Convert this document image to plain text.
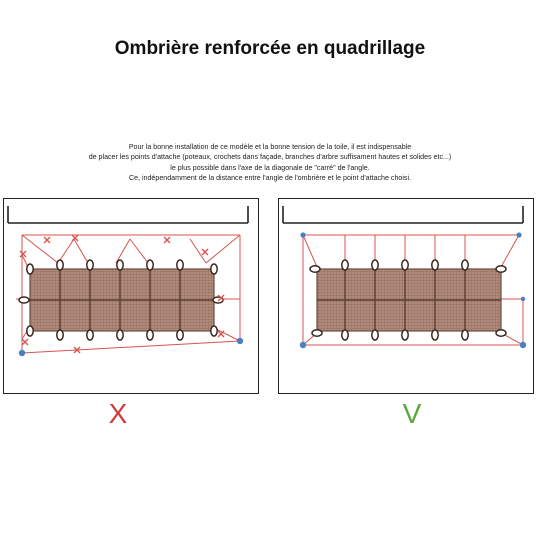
Ombrière renforcée en quadrillage
Pour la bonne installation de ce modèle et la bonne tension de la toile, il est indispensable
de placer les points d'attache (poteaux, crochets dans façade, branches d'arbre suffisament hautes et solides etc...)
le plus possible dans l'axe de la diagonale de "carré" de l'angle.
Ce, indépendamment de la distance entre l'angle de l'ombrière et le point d'attache choisi.
X	V
